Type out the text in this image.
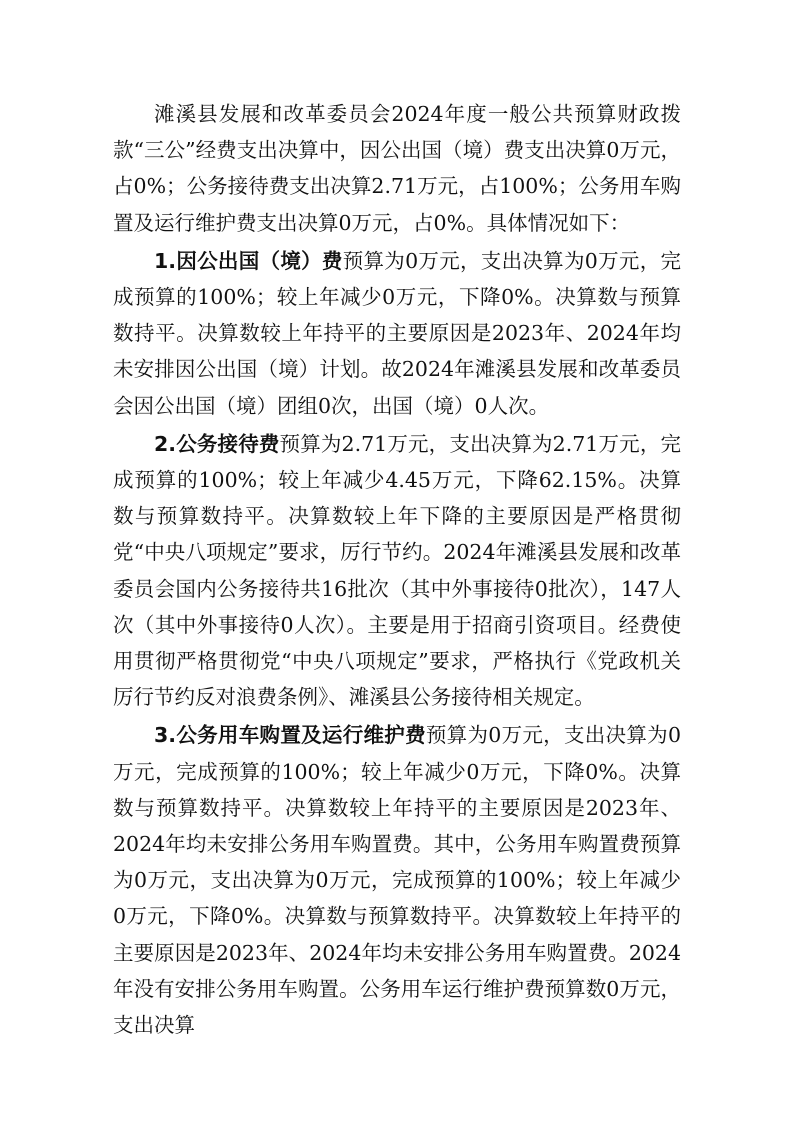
滩溪县发展和改革委员会2024年度一般公共预算财政拨款“三公”经费支出决算中，因公出国（境）费支出决算0万元，占0%；公务接待费支出决算2.71万元，占100%；公务用车购置及运行维护费支出决算0万元，占0%。具体情况如下：

1.因公出国（境）费预算为0万元，支出决算为0万元，完成预算的100%；较上年减少0万元，下降0%。决算数与预算数持平。决算数较上年持平的主要原因是2023年、2024年均未安排因公出国（境）计划。故2024年滩溪县发展和改革委员会因公出国（境）团组0次，出国（境）0人次。

2.公务接待费预算为2.71万元，支出决算为2.71万元，完成预算的100%；较上年减少4.45万元，下降62.15%。决算数与预算数持平。决算数较上年下降的主要原因是严格贯彻党“中央八项规定”要求，厉行节约。2024年滩溪县发展和改革委员会国内公务接待共16批次（其中外事接待0批次），147人次（其中外事接待0人次）。主要是用于招商引资项目。经费使用贯彻严格贯彻党“中央八项规定”要求，严格执行《党政机关厉行节约反对浪费条例》、滩溪县公务接待相关规定。

3.公务用车购置及运行维护费预算为0万元，支出决算为0万元，完成预算的100%；较上年减少0万元，下降0%。决算数与预算数持平。决算数较上年持平的主要原因是2023年、2024年均未安排公务用车购置费。其中，公务用车购置费预算为0万元，支出决算为0万元，完成预算的100%；较上年减少0万元，下降0%。决算数与预算数持平。决算数较上年持平的主要原因是2023年、2024年均未安排公务用车购置费。2024年没有安排公务用车购置。公务用车运行维护费预算数0万元，支出决算
